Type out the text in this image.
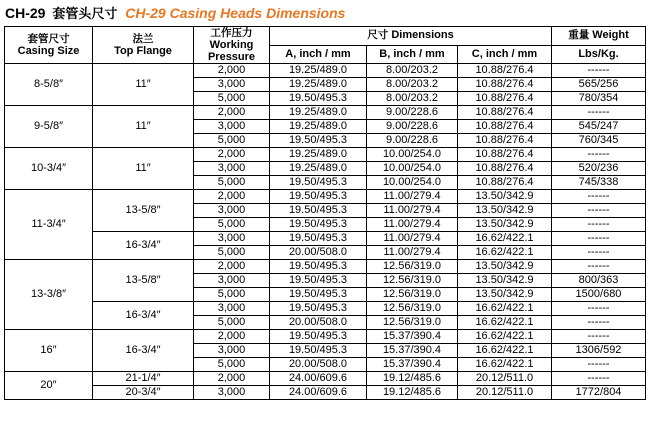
CH-29 套管头尺寸 CH-29 Casing Heads Dimensions
套管尺寸
Casing Size	法兰
Top Flange	工作压力
Working
Pressure	尺寸 Dimensions			重量 Weight
			A, inch / mm	B, inch / mm	C, inch / mm	Lbs/Kg.
8-5/8″	11″	2,000	19.25/489.0	8.00/203.2	10.88/276.4	------
		3,000	19.25/489.0	8.00/203.2	10.88/276.4	565/256
		5,000	19.50/495.3	8.00/203.2	10.88/276.4	780/354
9-5/8″	11″	2,000	19.25/489.0	9.00/228.6	10.88/276.4	------
		3,000	19.25/489.0	9.00/228.6	10.88/276.4	545/247
		5,000	19.50/495.3	9.00/228.6	10.88/276.4	760/345
10-3/4″	11″	2,000	19.25/489.0	10.00/254.0	10.88/276.4	------
		3,000	19.25/489.0	10.00/254.0	10.88/276.4	520/236
		5,000	19.50/495.3	10.00/254.0	10.88/276.4	745/338
11-3/4″	13-5/8″	2,000	19.50/495.3	11.00/279.4	13.50/342.9	------
		3,000	19.50/495.3	11.00/279.4	13.50/342.9	------
		5,000	19.50/495.3	11.00/279.4	13.50/342.9	------
	16-3/4″	3,000	19.50/495.3	11.00/279.4	16.62/422.1	------
		5,000	20.00/508.0	11.00/279.4	16.62/422.1	------
13-3/8″	13-5/8″	2,000	19.50/495.3	12.56/319.0	13.50/342.9	------
		3,000	19.50/495.3	12.56/319.0	13.50/342.9	800/363
		5,000	19.50/495.3	12.56/319.0	13.50/342.9	1500/680
	16-3/4″	3,000	19.50/495.3	12.56/319.0	16.62/422.1	------
		5,000	20.00/508.0	12.56/319.0	16.62/422.1	------
16″	16-3/4″	2,000	19.50/495.3	15.37/390.4	16.62/422.1	------
		3,000	19.50/495.3	15.37/390.4	16.62/422.1	1306/592
		5,000	20.00/508.0	15.37/390.4	16.62/422.1	------
20″	21-1/4″	2,000	24.00/609.6	19.12/485.6	20.12/511.0	------
	20-3/4″	3,000	24.00/609.6	19.12/485.6	20.12/511.0	1772/804
